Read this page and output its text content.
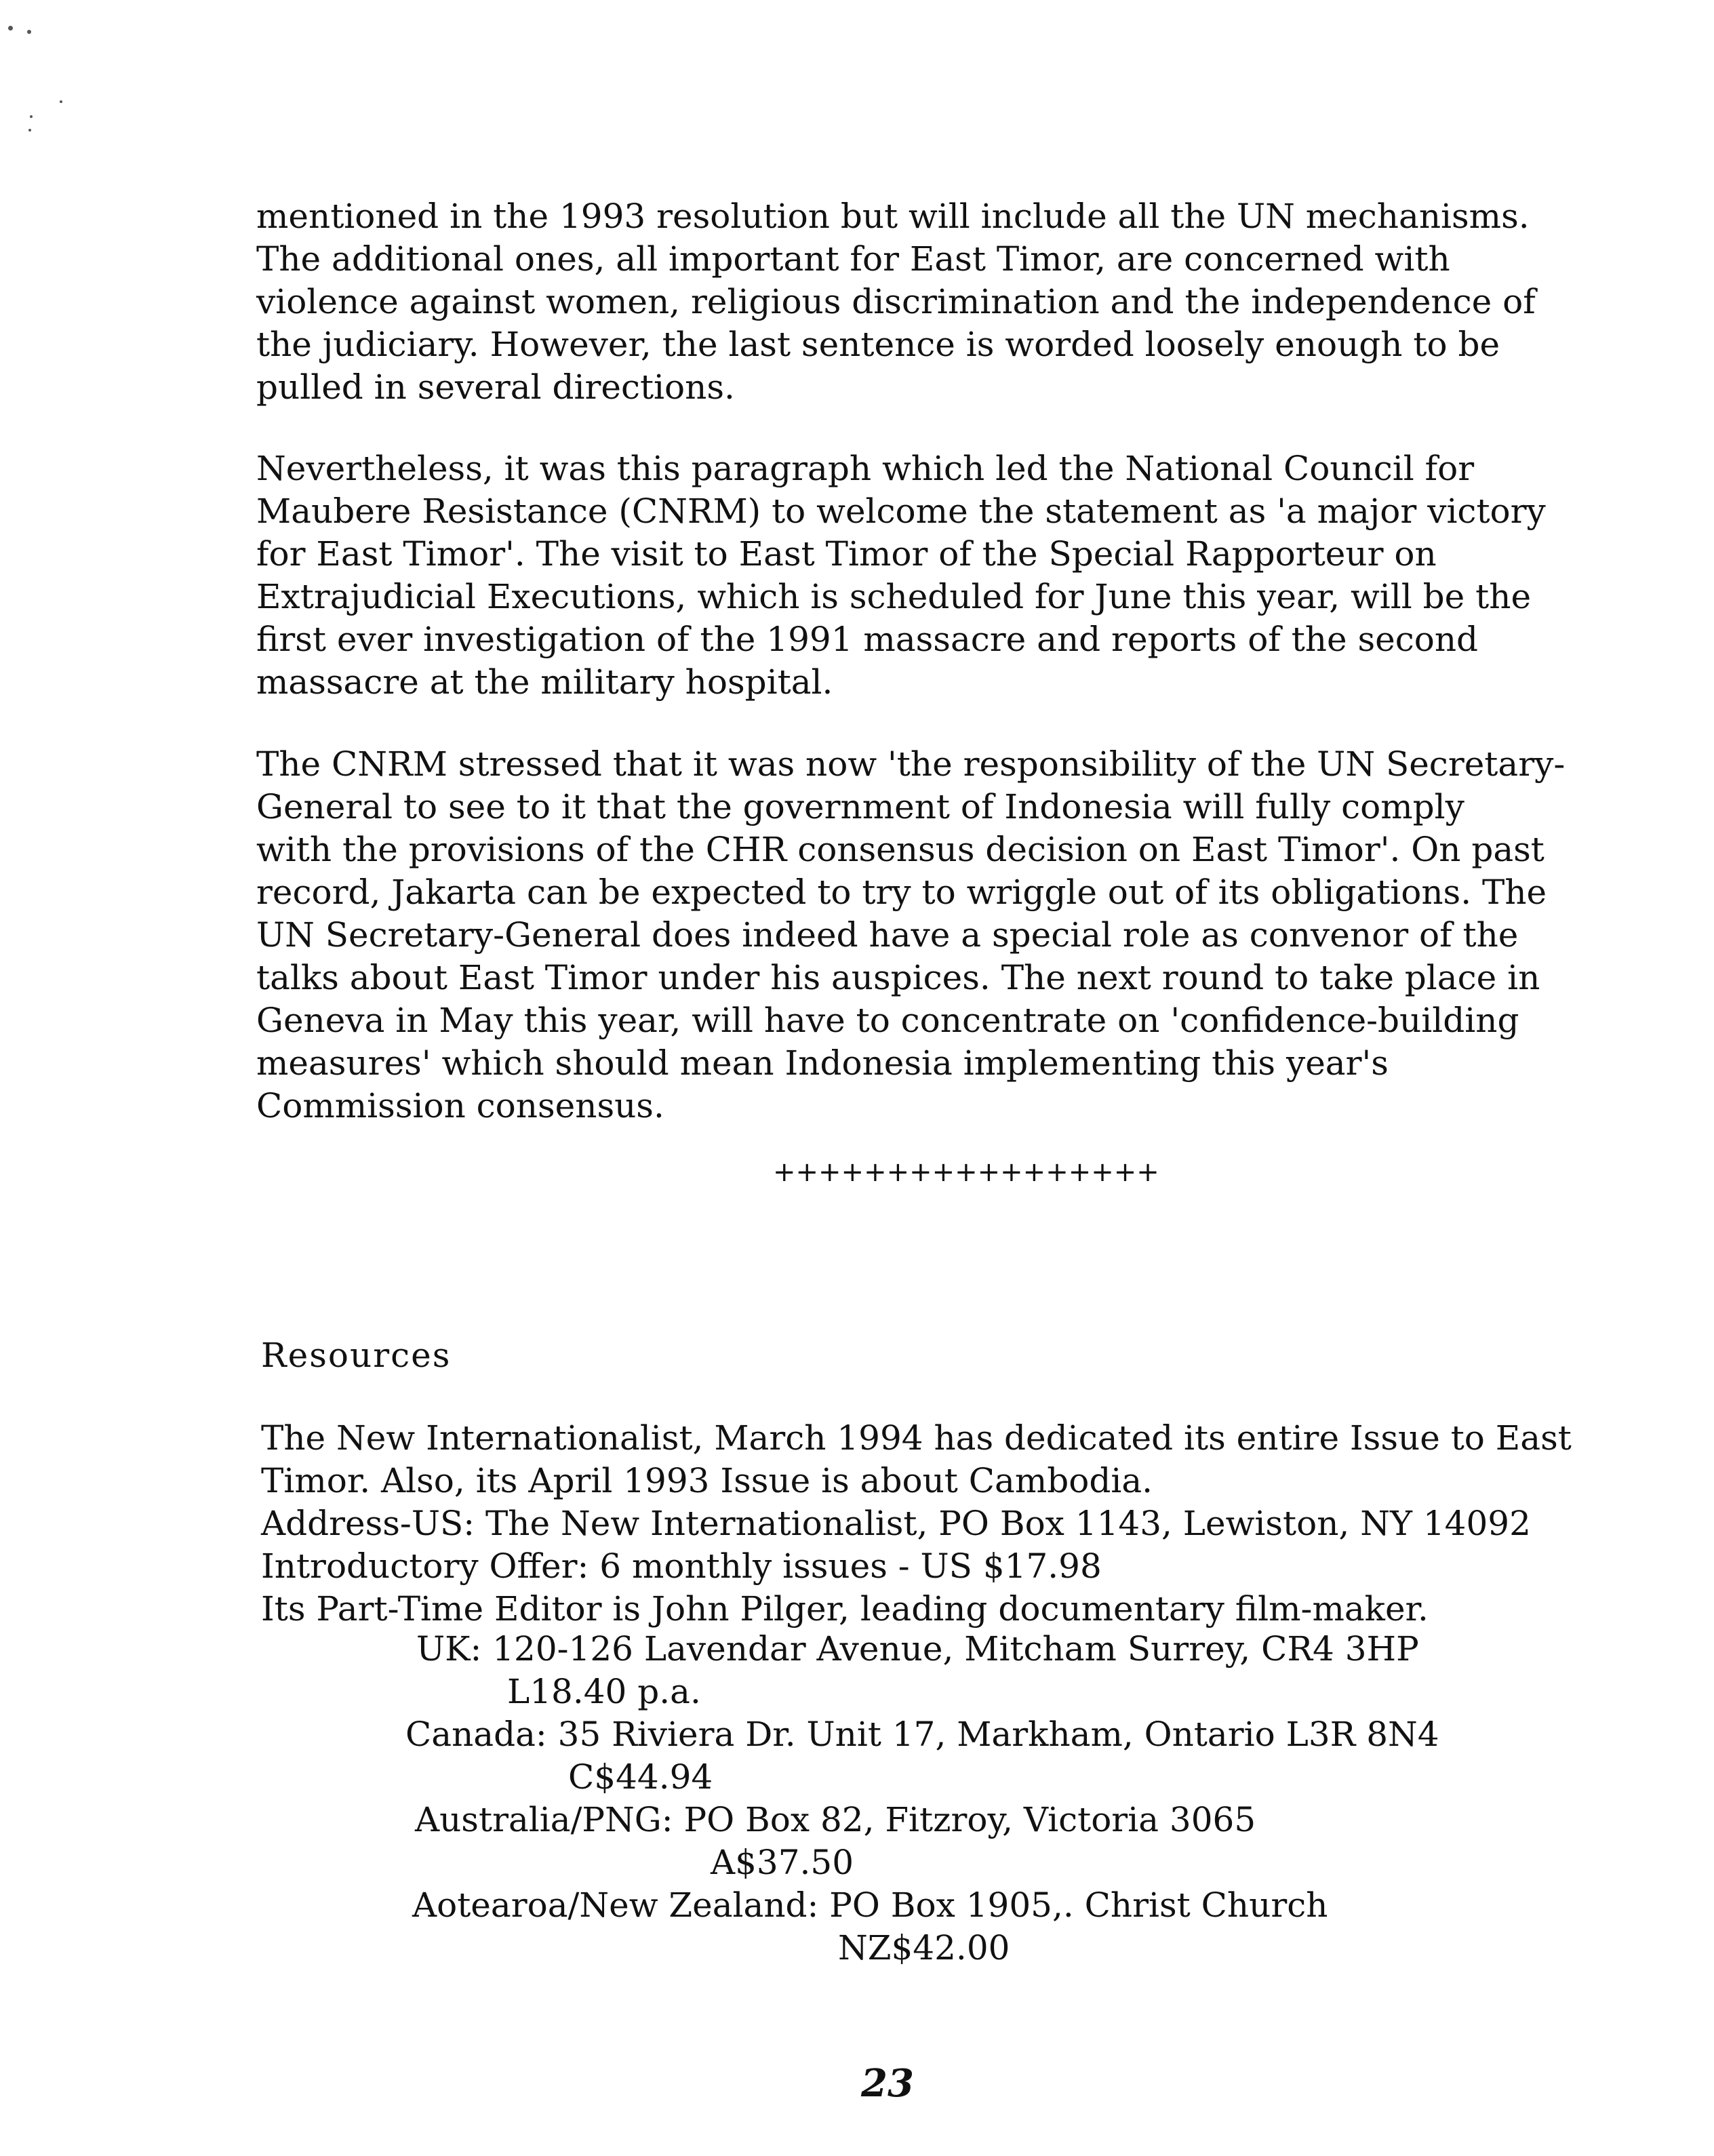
mentioned in the 1993 resolution but will include all the UN mechanisms.
The additional ones, all important for East Timor, are concerned with
violence against women, religious discrimination and the independence of
the judiciary. However, the last sentence is worded loosely enough to be
pulled in several directions.
Nevertheless, it was this paragraph which led the National Council for
Maubere Resistance (CNRM) to welcome the statement as 'a major victory
for East Timor'. The visit to East Timor of the Special Rapporteur on
Extrajudicial Executions, which is scheduled for June this year, will be the
first ever investigation of the 1991 massacre and reports of the second
massacre at the military hospital.
The CNRM stressed that it was now 'the responsibility of the UN Secretary-
General to see to it that the government of Indonesia will fully comply
with the provisions of the CHR consensus decision on East Timor'. On past
record, Jakarta can be expected to try to wriggle out of its obligations. The
UN Secretary-General does indeed have a special role as convenor of the
talks about East Timor under his auspices. The next round to take place in
Geneva in May this year, will have to concentrate on 'confidence-building
measures' which should mean Indonesia implementing this year's
Commission consensus.
+++++++++++++++++
Resources
The New Internationalist, March 1994 has dedicated its entire Issue to East
Timor. Also, its April 1993 Issue is about Cambodia.
Address-US: The New Internationalist, PO Box 1143, Lewiston, NY 14092
Introductory Offer: 6 monthly issues - US $17.98
Its Part-Time Editor is John Pilger, leading documentary film-maker.
UK: 120-126 Lavendar Avenue, Mitcham Surrey, CR4 3HP
L18.40 p.a.
Canada: 35 Riviera Dr. Unit 17, Markham, Ontario L3R 8N4
C$44.94
Australia/PNG: PO Box 82, Fitzroy, Victoria 3065
A$37.50
Aotearoa/New Zealand: PO Box 1905,. Christ Church
NZ$42.00
23
